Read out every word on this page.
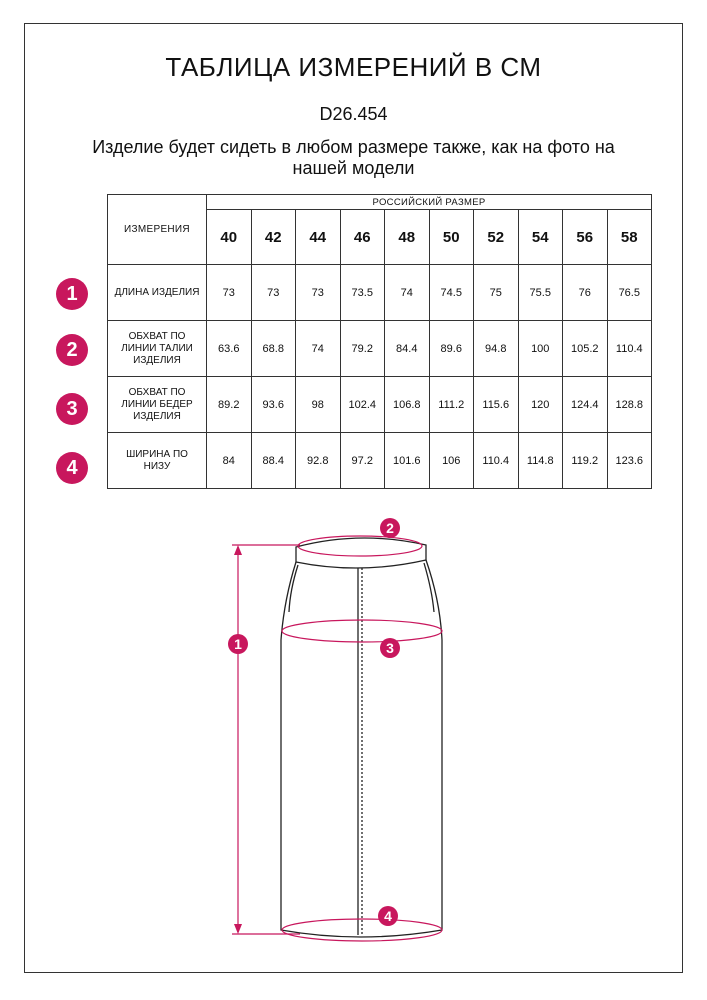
ТАБЛИЦА ИЗМЕРЕНИЙ В СМ
D26.454
Изделие будет сидеть в любом размере также, как на фото на нашей модели
ИЗМЕРЕНИЯ	РОССИЙСКИЙ РАЗМЕР									
	40	42	44	46	48	50	52	54	56	58
ДЛИНА ИЗДЕЛИЯ	73	73	73	73.5	74	74.5	75	75.5	76	76.5
ОБХВАТ ПО ЛИНИИ ТАЛИИ ИЗДЕЛИЯ	63.6	68.8	74	79.2	84.4	89.6	94.8	100	105.2	110.4
ОБХВАТ ПО ЛИНИИ БЕДЕР ИЗДЕЛИЯ	89.2	93.6	98	102.4	106.8	111.2	115.6	120	124.4	128.8
ШИРИНА ПО НИЗУ	84	88.4	92.8	97.2	101.6	106	110.4	114.8	119.2	123.6
1
2
3
4
1
2
3
4
